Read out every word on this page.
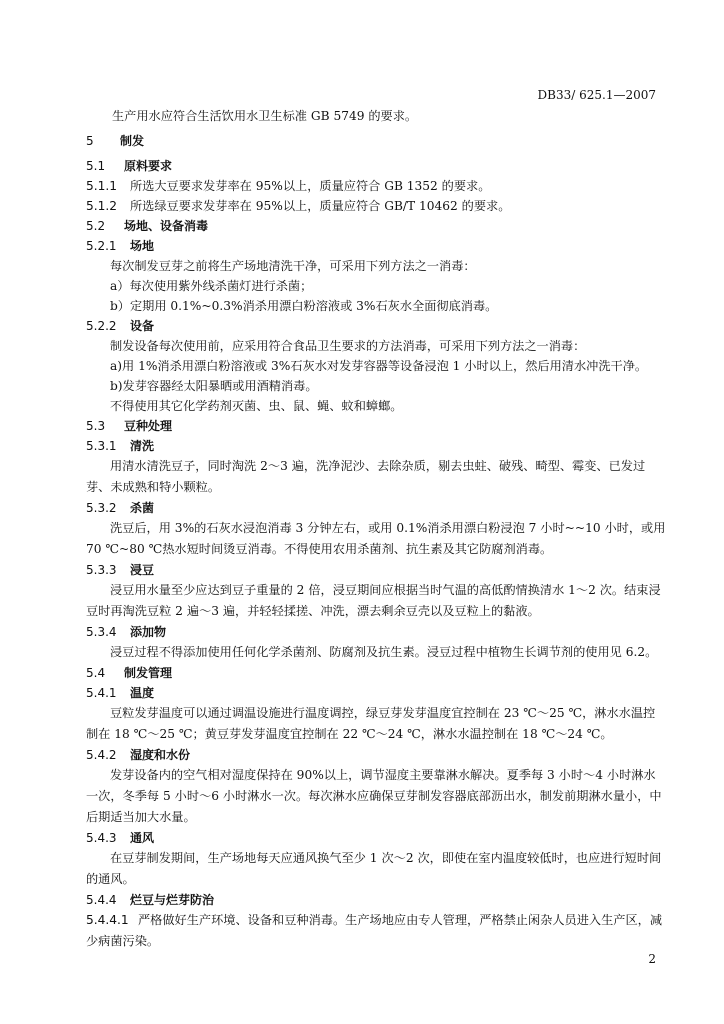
DB33/ 625.1—2007
生产用水应符合生活饮用水卫生标准 GB 5749 的要求。
5 制发
5.1 原料要求
5.1.1 所选大豆要求发芽率在 95%以上，质量应符合 GB 1352 的要求。
5.1.2 所选绿豆要求发芽率在 95%以上，质量应符合 GB/T 10462 的要求。
5.2 场地、设备消毒
5.2.1 场地
每次制发豆芽之前将生产场地清洗干净，可采用下列方法之一消毒：
a）每次使用紫外线杀菌灯进行杀菌；
b）定期用 0.1%~0.3%消杀用漂白粉溶液或 3%石灰水全面彻底消毒。
5.2.2 设备
制发设备每次使用前，应采用符合食品卫生要求的方法消毒，可采用下列方法之一消毒：
a)用 1%消杀用漂白粉溶液或 3%石灰水对发芽容器等设备浸泡 1 小时以上，然后用清水冲洗干净。
b)发芽容器经太阳暴晒或用酒精消毒。
不得使用其它化学药剂灭菌、虫、鼠、蝇、蚊和蟑螂。
5.3 豆种处理
5.3.1 清洗
用清水清洗豆子，同时淘洗 2～3 遍，洗净泥沙、去除杂质，剔去虫蛀、破残、畸型、霉变、已发过芽、未成熟和特小颗粒。
5.3.2 杀菌
洗豆后，用 3%的石灰水浸泡消毒 3 分钟左右，或用 0.1%消杀用漂白粉浸泡 7 小时~~10 小时，或用 70 ℃~80 ℃热水短时间烫豆消毒。不得使用农用杀菌剂、抗生素及其它防腐剂消毒。
5.3.3 浸豆
浸豆用水量至少应达到豆子重量的 2 倍，浸豆期间应根据当时气温的高低酌情换清水 1～2 次。结束浸豆时再淘洗豆粒 2 遍～3 遍，并轻轻揉搓、冲洗，漂去剩余豆壳以及豆粒上的黏液。
5.3.4 添加物
浸豆过程不得添加使用任何化学杀菌剂、防腐剂及抗生素。浸豆过程中植物生长调节剂的使用见 6.2。
5.4 制发管理
5.4.1 温度
豆粒发芽温度可以通过调温设施进行温度调控，绿豆芽发芽温度宜控制在 23 ℃～25 ℃，淋水水温控制在 18 ℃～25 ℃；黄豆芽发芽温度宜控制在 22 ℃～24 ℃，淋水水温控制在 18 ℃～24 ℃。
5.4.2 湿度和水份
发芽设备内的空气相对湿度保持在 90%以上，调节湿度主要靠淋水解决。夏季每 3 小时～4 小时淋水一次，冬季每 5 小时～6 小时淋水一次。每次淋水应确保豆芽制发容器底部沥出水，制发前期淋水量小，中后期适当加大水量。
5.4.3 通风
在豆芽制发期间，生产场地每天应通风换气至少 1 次～2 次，即使在室内温度较低时，也应进行短时间的通风。
5.4.4 烂豆与烂芽防治
5.4.4.1 严格做好生产环境、设备和豆种消毒。生产场地应由专人管理，严格禁止闲杂人员进入生产区，减少病菌污染。
2
